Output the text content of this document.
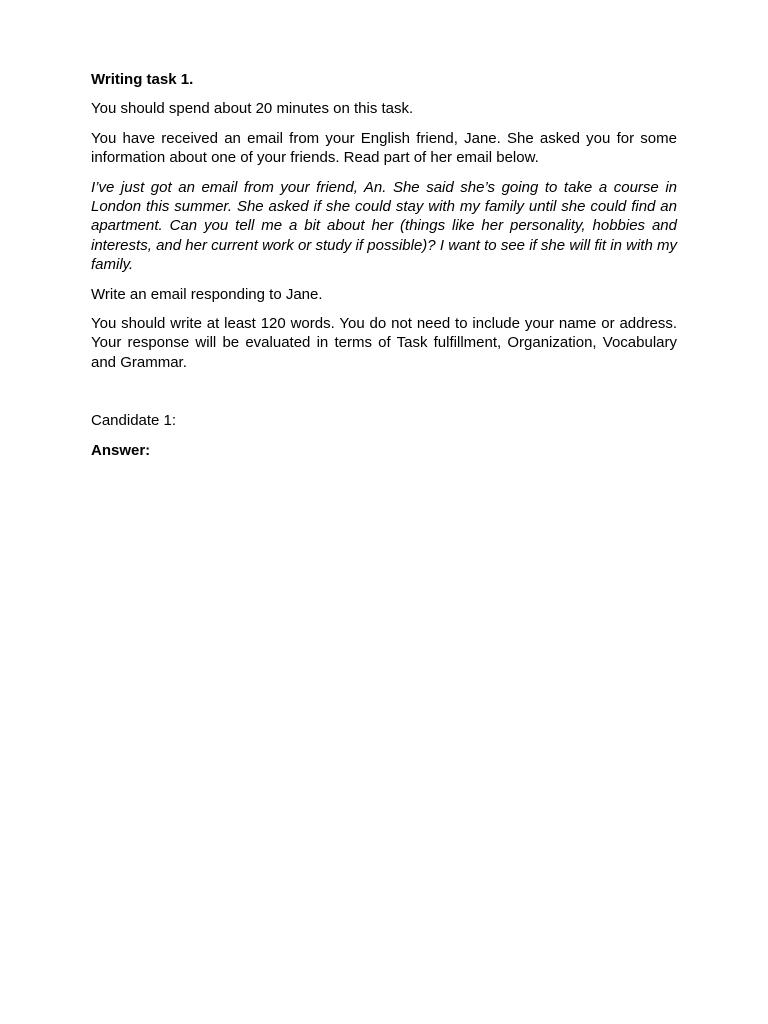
Writing task 1.

You should spend about 20 minutes on this task.

You have received an email from your English friend, Jane. She asked you for some information about one of your friends. Read part of her email below.

I’ve just got an email from your friend, An. She said she’s going to take a course in London this summer. She asked if she could stay with my family until she could find an apartment. Can you tell me a bit about her (things like her personality, hobbies and interests, and her current work or study if possible)? I want to see if she will fit in with my family.

Write an email responding to Jane.

You should write at least 120 words. You do not need to include your name or address. Your response will be evaluated in terms of Task fulfillment, Organization, Vocabulary and Grammar.

Candidate 1:

Answer:
